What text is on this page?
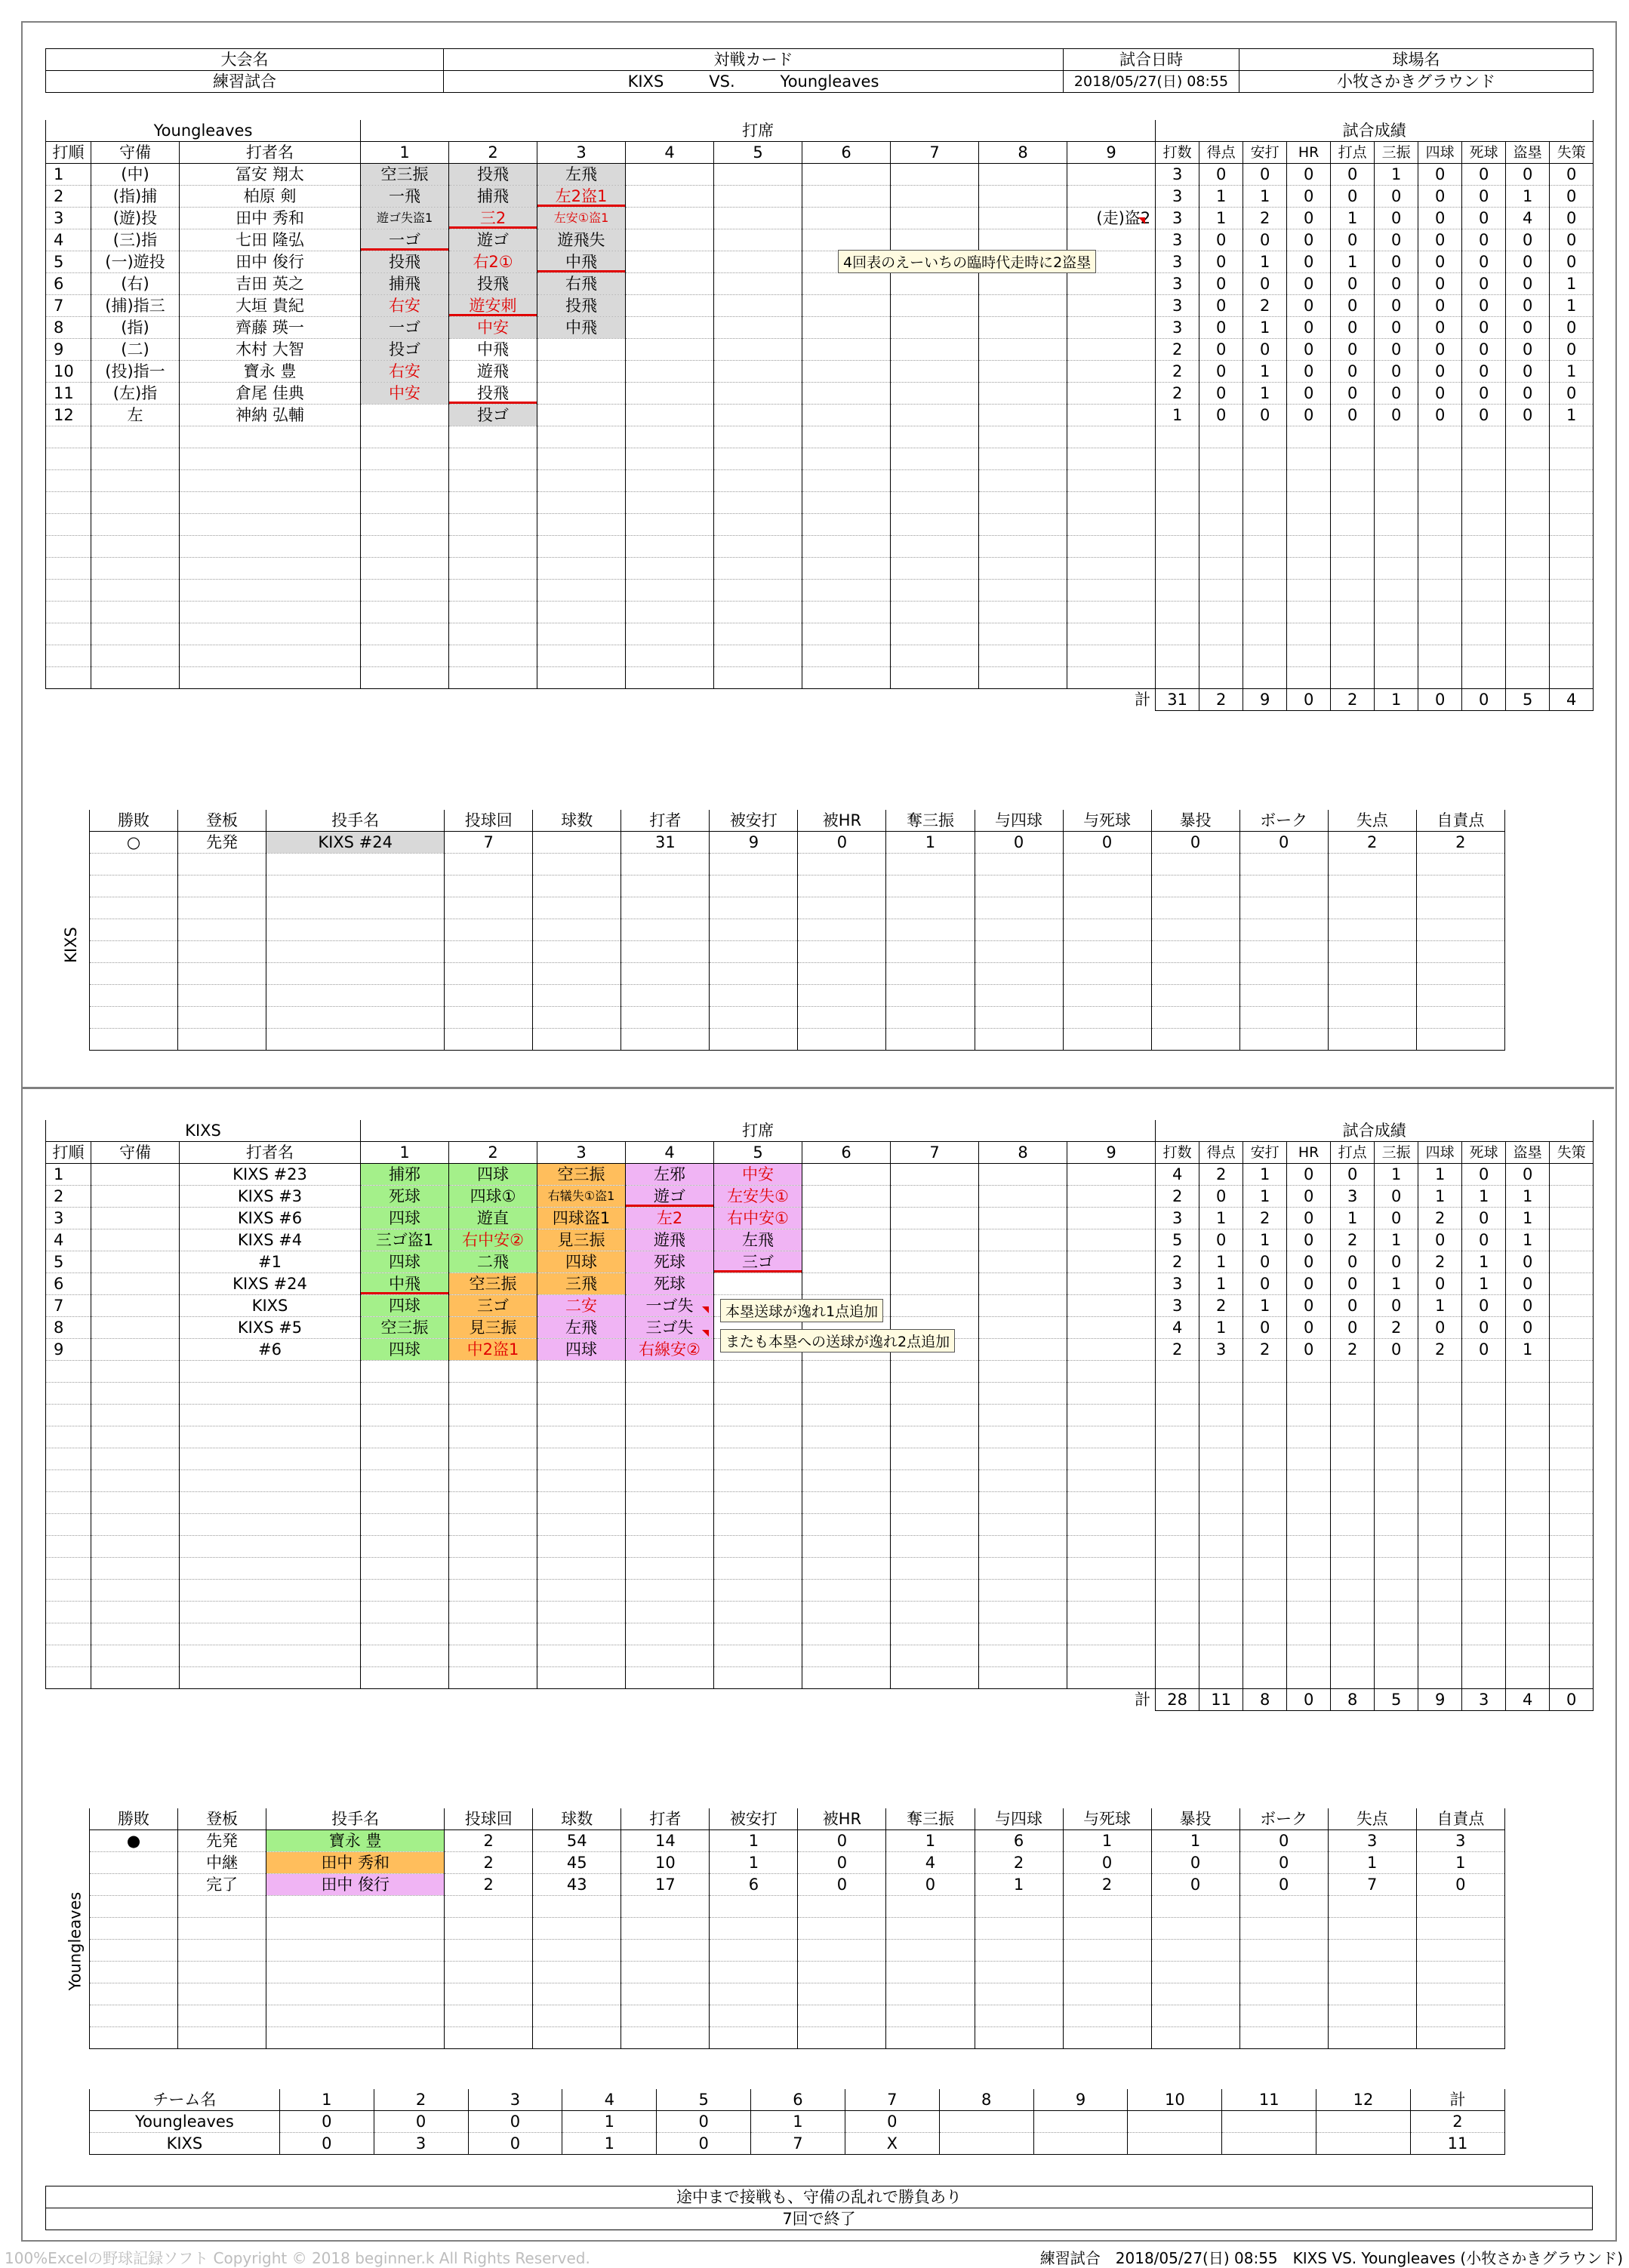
大会名	対戦カード	試合日時	球場名
練習試合	KIXS VS. Youngleaves	2018/05/27(日) 08:55	小牧さかきグラウンド
Youngleaves			打席									試合成績									
打順	守備	打者名	1	2	3	4	5	6	7	8	9	打数	得点	安打	HR	打点	三振	四球	死球	盗塁	失策
1	(中)	冨安 翔太	空三振	投飛	左飛							3	0	0	0	0	1	0	0	0	0
2	(指)捕	柏原 剣	一飛	捕飛	左2盗1							3	1	1	0	0	0	0	0	1	0
3	(遊)投	田中 秀和	遊ゴ失盗1	三2	左安①盗1						(走)盗2	3	1	2	0	1	0	0	0	4	0
4	(三)指	七田 隆弘	一ゴ	遊ゴ	遊飛失							3	0	0	0	0	0	0	0	0	0
5	(一)遊投	田中 俊行	投飛	右2①	中飛							3	0	1	0	1	0	0	0	0	0
6	(右)	吉田 英之	捕飛	投飛	右飛							3	0	0	0	0	0	0	0	0	1
7	(捕)指三	大垣 貴紀	右安	遊安刺	投飛							3	0	2	0	0	0	0	0	0	1
8	(指)	齊藤 瑛一	一ゴ	中安	中飛							3	0	1	0	0	0	0	0	0	0
9	(二)	木村 大智	投ゴ	中飛								2	0	0	0	0	0	0	0	0	0
10	(投)指一	寶永 豊	右安	遊飛								2	0	1	0	0	0	0	0	0	1
11	(左)指	倉尾 佳典	中安	投飛								2	0	1	0	0	0	0	0	0	0
12	左	神納 弘輔		投ゴ								1	0	0	0	0	0	0	0	0	1

計												31	2	9	0	2	1	0	0	5	4
4回表のえーいちの臨時代走時に2盗塁
勝敗	登板	投手名	投球回	球数	打者	被安打	被HR	奪三振	与四球	与死球	暴投	ボーク	失点	自責点
○	先発	KIXS #24	7		31	9	0	1	0	0	0	0	2	2

KIXS
KIXS			打席									試合成績									
打順	守備	打者名	1	2	3	4	5	6	7	8	9	打数	得点	安打	HR	打点	三振	四球	死球	盗塁	失策
1		KIXS #23	捕邪	四球	空三振	左邪	中安					4	2	1	0	0	1	1	0	0	
2		KIXS #3	死球	四球①	右犠失①盗1	遊ゴ	左安失①					2	0	1	0	3	0	1	1	1	
3		KIXS #6	四球	遊直	四球盗1	左2	右中安①					3	1	2	0	1	0	2	0	1	
4		KIXS #4	三ゴ盗1	右中安②	見三振	遊飛	左飛					5	0	1	0	2	1	0	0	1	
5		#1	四球	二飛	四球	死球	三ゴ					2	1	0	0	0	0	2	1	0	
6		KIXS #24	中飛	空三振	三飛	死球						3	1	0	0	0	1	0	1	0	
7		KIXS	四球	三ゴ	二安	一ゴ失						3	2	1	0	0	0	1	0	0	
8		KIXS #5	空三振	見三振	左飛	三ゴ失						4	1	0	0	0	2	0	0	0	
9		#6	四球	中2盗1	四球	右線安②						2	3	2	0	2	0	2	0	1	

計												28	11	8	0	8	5	9	3	4	0
本塁送球が逸れ1点追加
またも本塁への送球が逸れ2点追加
勝敗	登板	投手名	投球回	球数	打者	被安打	被HR	奪三振	与四球	与死球	暴投	ボーク	失点	自責点
●	先発	寶永 豊	2	54	14	1	0	1	6	1	1	0	3	3
	中継	田中 秀和	2	45	10	1	0	4	2	0	0	0	1	1
	完了	田中 俊行	2	43	17	6	0	0	1	2	0	0	7	0

Youngleaves
チーム名	1	2	3	4	5	6	7	8	9	10	11	12	計
Youngleaves	0	0	0	1	0	1	0						2
KIXS	0	3	0	1	0	7	X						11
途中まで接戦も、守備の乱れで勝負あり
7回で終了
100%Excelの野球記録ソフト Copyright © 2018 beginner.k All Rights Reserved.	練習試合　2018/05/27(日) 08:55　KIXS VS. Youngleaves (小牧さかきグラウンド)
